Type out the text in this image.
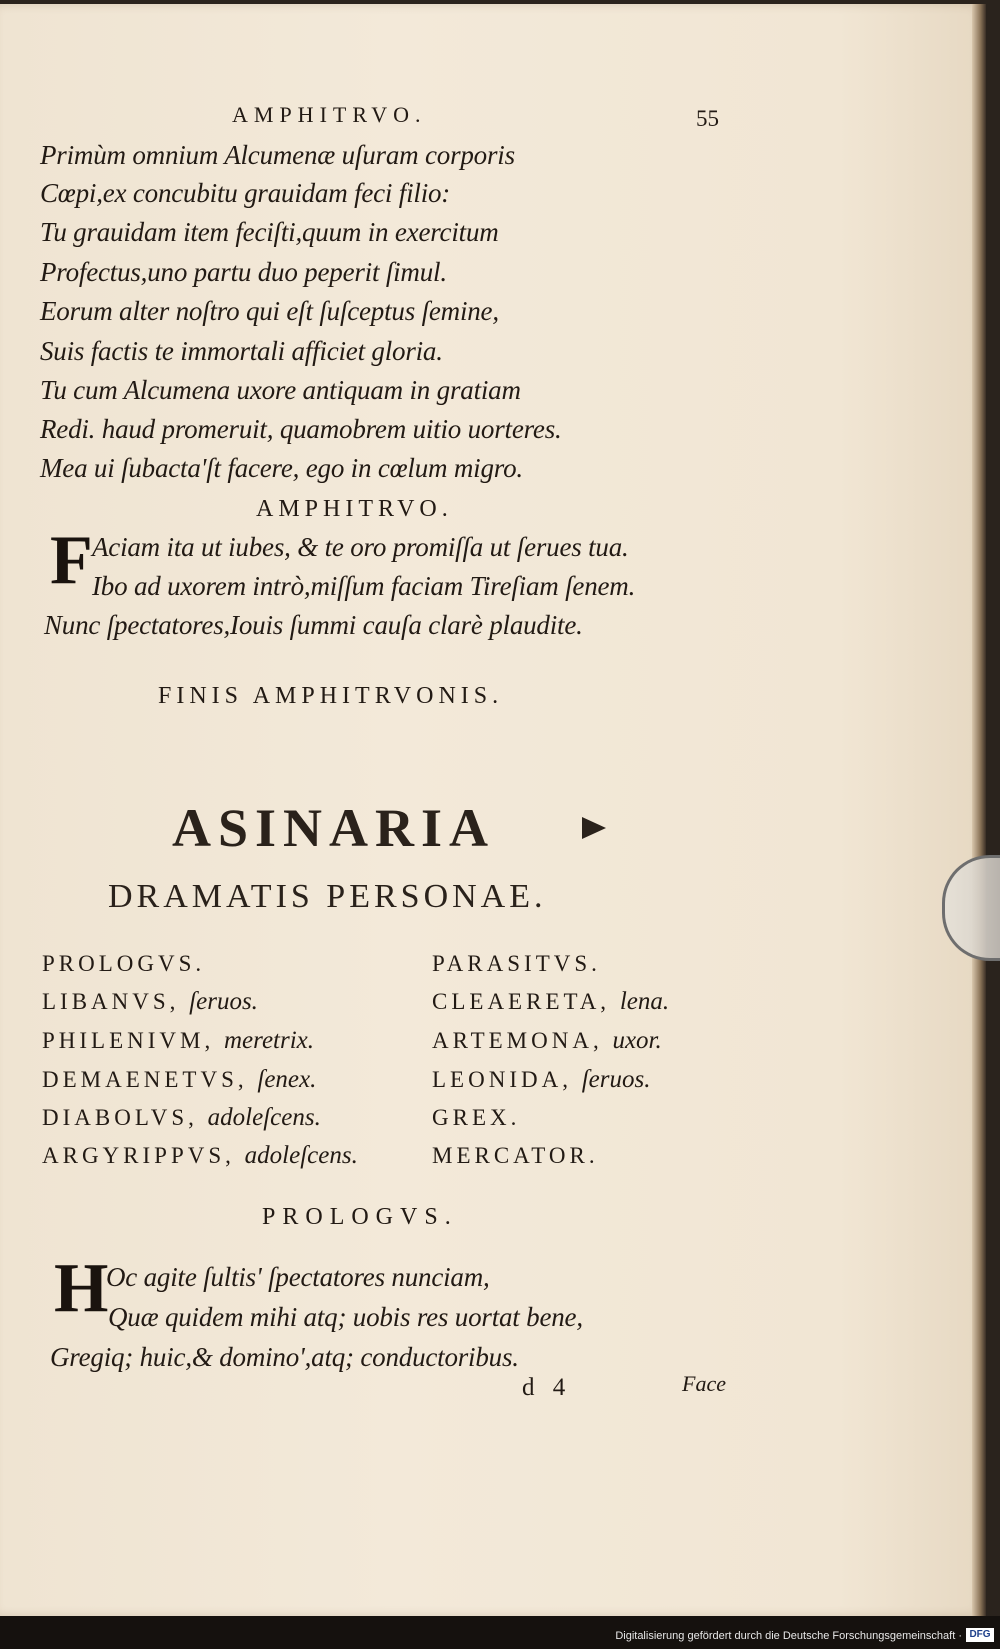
AMPHITRVO.	55
Primùm omnium Alcumenæ uſuram corporis
Cœpi,ex concubitu grauidam feci filio:
Tu grauidam item feciſti,quum in exercitum
Profectus,uno partu duo peperit ſimul.
Eorum alter noſtro qui eſt ſuſceptus ſemine,
Suis factis te immortali afficiet gloria.
Tu cum Alcumena uxore antiquam in gratiam
Redi. haud promeruit, quamobrem uitio uorteres.
Mea ui ſubacta'ſt facere, ego in cœlum migro.
AMPHITRVO.
F Aciam ita ut iubes, & te oro promiſſa ut ſerues tua.
Ibo ad uxorem intrò,miſſum faciam Tireſiam ſenem.
Nunc ſpectatores,Iouis ſummi cauſa clarè plaudite.
FINIS AMPHITRVONIS.
ASINARIA
DRAMATIS PERSONAE.
PROLOGVS.
LIBANVS, ſeruos.
PHILENIVM, meretrix.
DEMAENETVS, ſenex.
DIABOLVS, adoleſcens.
ARGYRIPPVS, adoleſcens.
PARASITVS.
CLEAERETA, lena.
ARTEMONA, uxor.
LEONIDA, ſeruos.
GREX.
MERCATOR.
PROLOGVS.
H
Oc agite ſultis' ſpectatores nunciam,
Quæ quidem mihi atq; uobis res uortat bene,
Gregiq; huic,& domino',atq; conductoribus.
d 4	Face
Digitalisierung gefördert durch die Deutsche Forschungsgemeinschaft · DFG
